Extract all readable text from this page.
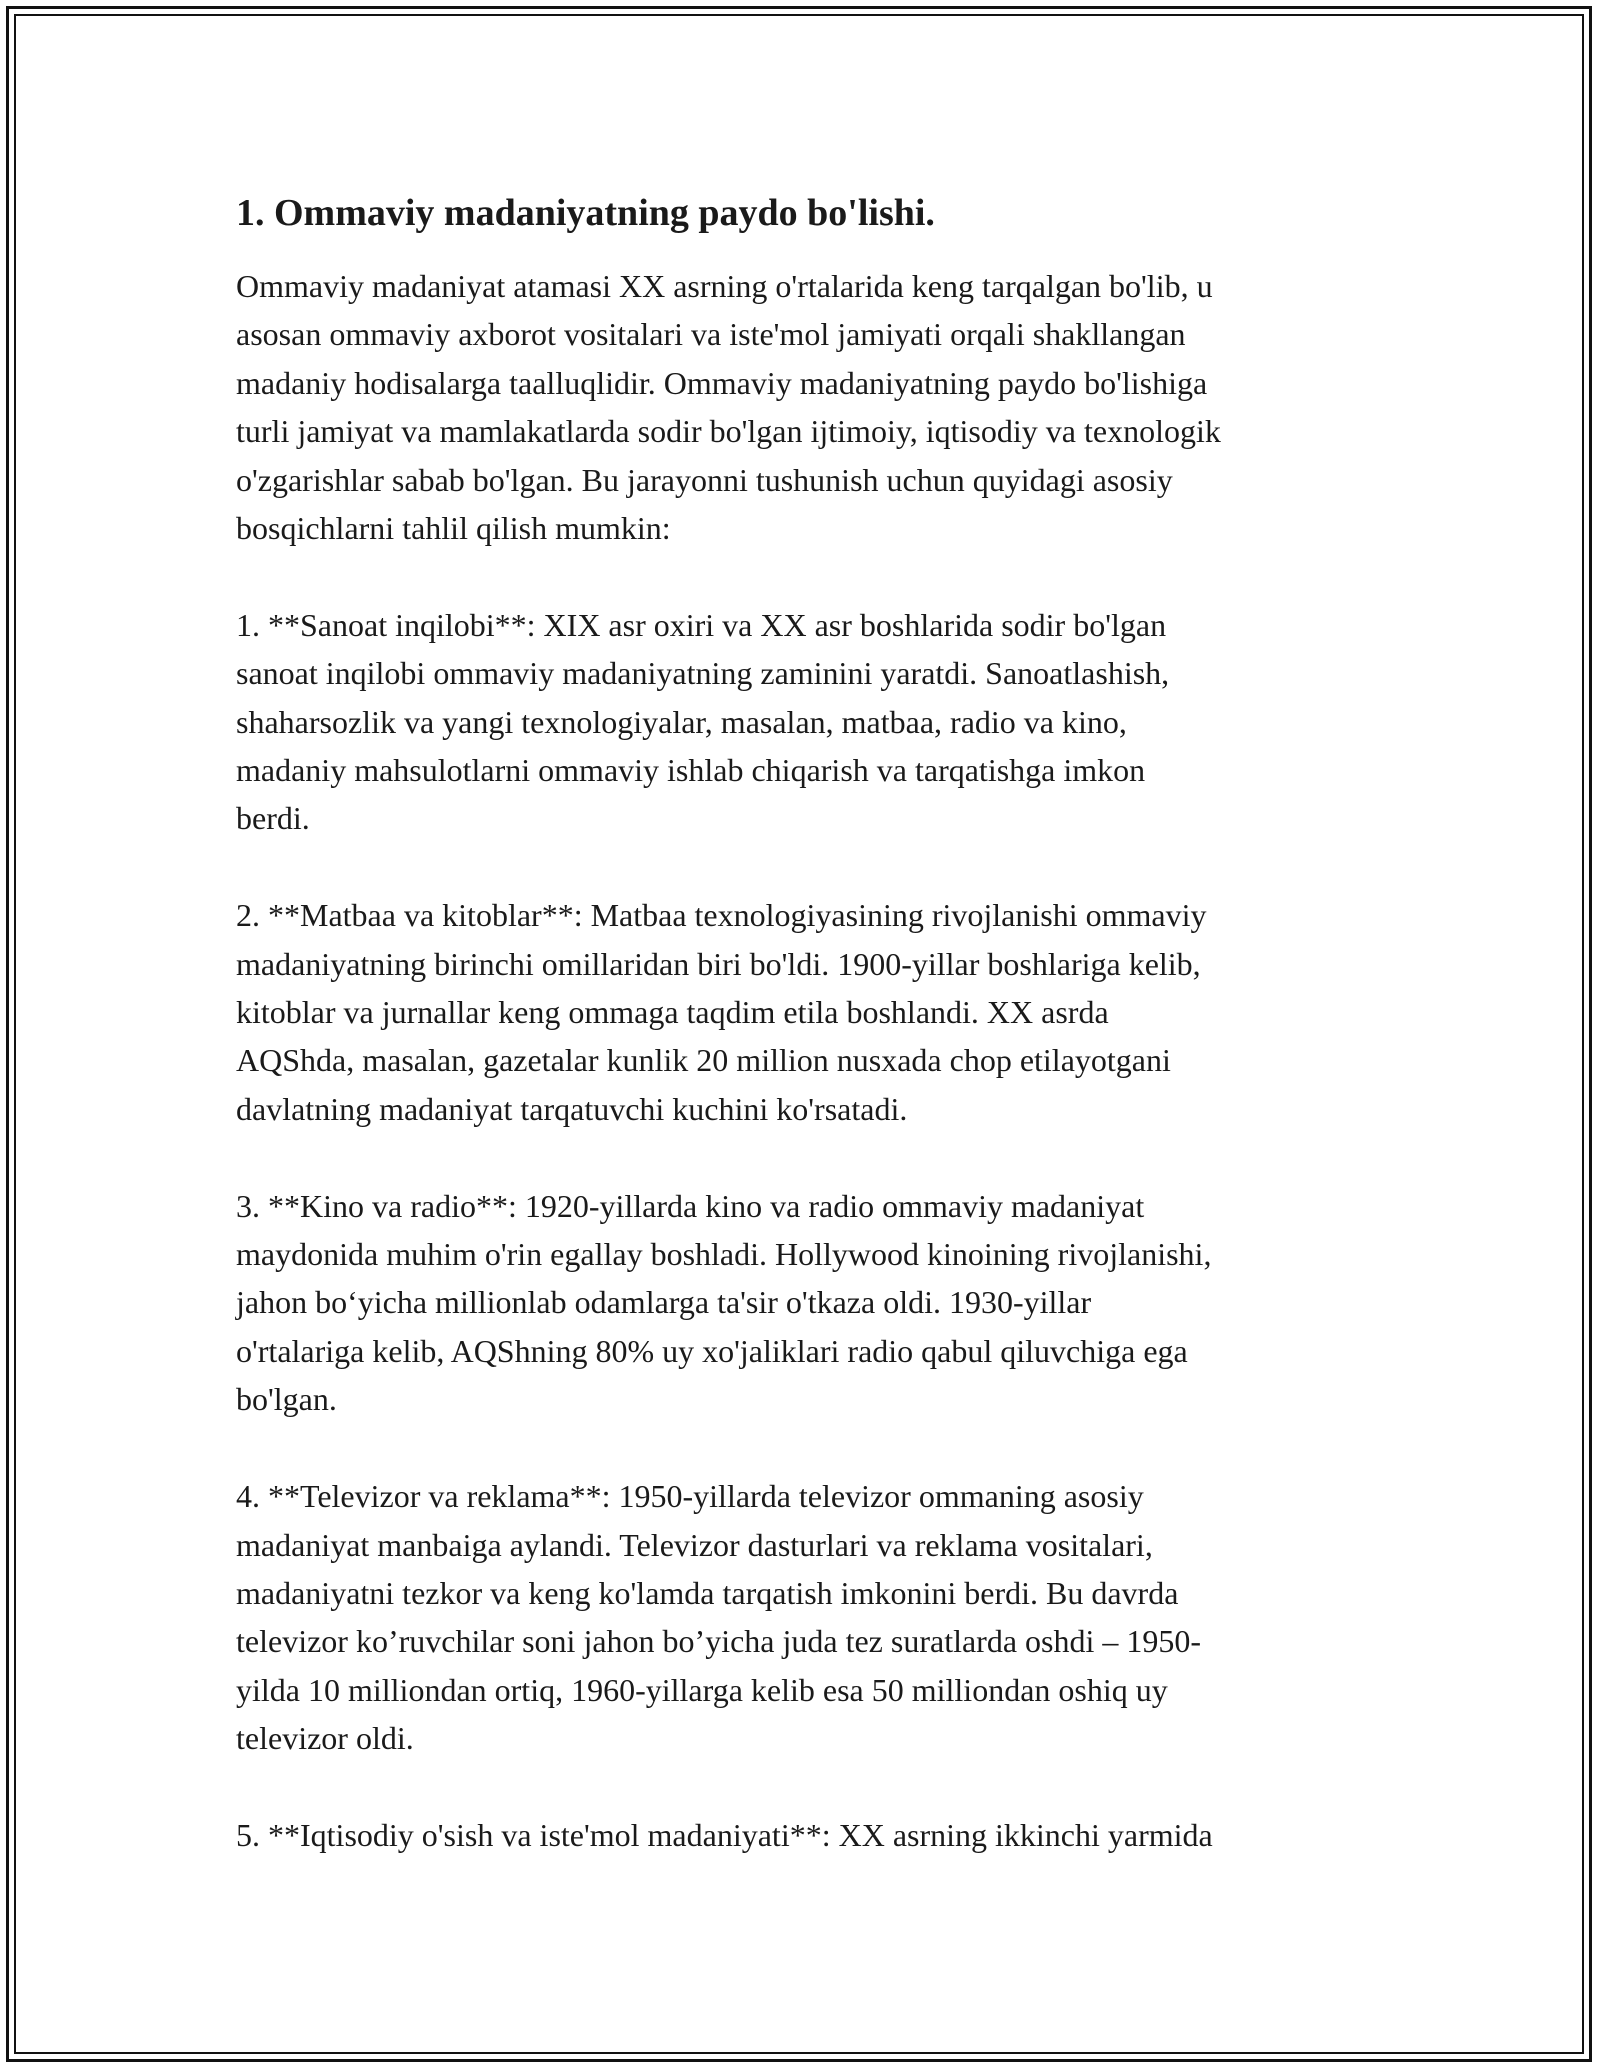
1. Ommaviy madaniyatning paydo bo'lishi.

Ommaviy madaniyat atamasi XX asrning o'rtalarida keng tarqalgan bo'lib, u
asosan ommaviy axborot vositalari va iste'mol jamiyati orqali shakllangan
madaniy hodisalarga taalluqlidir. Ommaviy madaniyatning paydo bo'lishiga
turli jamiyat va mamlakatlarda sodir bo'lgan ijtimoiy, iqtisodiy va texnologik
o'zgarishlar sabab bo'lgan. Bu jarayonni tushunish uchun quyidagi asosiy
bosqichlarni tahlil qilish mumkin:

1. **Sanoat inqilobi**: XIX asr oxiri va XX asr boshlarida sodir bo'lgan
sanoat inqilobi ommaviy madaniyatning zaminini yaratdi. Sanoatlashish,
shaharsozlik va yangi texnologiyalar, masalan, matbaa, radio va kino,
madaniy mahsulotlarni ommaviy ishlab chiqarish va tarqatishga imkon
berdi.

2. **Matbaa va kitoblar**: Matbaa texnologiyasining rivojlanishi ommaviy
madaniyatning birinchi omillaridan biri bo'ldi. 1900-yillar boshlariga kelib,
kitoblar va jurnallar keng ommaga taqdim etila boshlandi. XX asrda
AQShda, masalan, gazetalar kunlik 20 million nusxada chop etilayotgani
davlatning madaniyat tarqatuvchi kuchini ko'rsatadi.

3. **Kino va radio**: 1920-yillarda kino va radio ommaviy madaniyat
maydonida muhim o'rin egallay boshladi. Hollywood kinoining rivojlanishi,
jahon bo‘yicha millionlab odamlarga ta'sir o'tkaza oldi. 1930-yillar
o'rtalariga kelib, AQShning 80% uy xo'jaliklari radio qabul qiluvchiga ega
bo'lgan.

4. **Televizor va reklama**: 1950-yillarda televizor ommaning asosiy
madaniyat manbaiga aylandi. Televizor dasturlari va reklama vositalari,
madaniyatni tezkor va keng ko'lamda tarqatish imkonini berdi. Bu davrda
televizor ko’ruvchilar soni jahon bo’yicha juda tez suratlarda oshdi – 1950-
yilda 10 milliondan ortiq, 1960-yillarga kelib esa 50 milliondan oshiq uy
televizor oldi.

5. **Iqtisodiy o'sish va iste'mol madaniyati**: XX asrning ikkinchi yarmida
